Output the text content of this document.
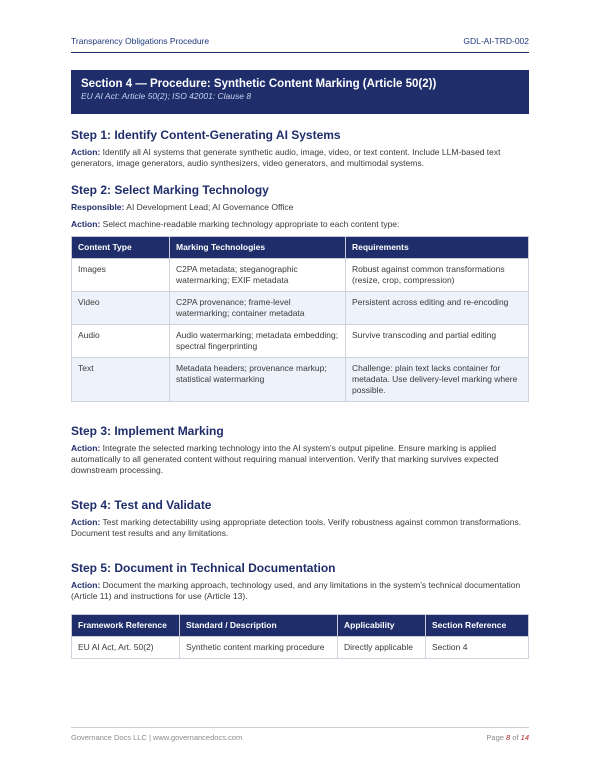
Transparency Obligations Procedure	GDL-AI-TRD-002
Section 4 — Procedure: Synthetic Content Marking (Article 50(2))
EU AI Act: Article 50(2); ISO 42001: Clause 8
Step 1: Identify Content-Generating AI Systems

Action: Identify all AI systems that generate synthetic audio, image, video, or text content. Include LLM-based text generators, image generators, audio synthesizers, video generators, and multimodal systems.

Step 2: Select Marking Technology

Responsible: AI Development Lead; AI Governance Office

Action: Select machine-readable marking technology appropriate to each content type:

Content Type	Marking Technologies	Requirements
Images	C2PA metadata; steganographic watermarking; EXIF metadata	Robust against common transformations (resize, crop, compression)
Video	C2PA provenance; frame-level watermarking; container metadata	Persistent across editing and re-encoding
Audio	Audio watermarking; metadata embedding; spectral fingerprinting	Survive transcoding and partial editing
Text	Metadata headers; provenance markup; statistical watermarking	Challenge: plain text lacks container for metadata. Use delivery-level marking where possible.
Step 3: Implement Marking

Action: Integrate the selected marking technology into the AI system’s output pipeline. Ensure marking is applied automatically to all generated content without requiring manual intervention. Verify that marking survives expected downstream processing.

Step 4: Test and Validate

Action: Test marking detectability using appropriate detection tools. Verify robustness against common transformations. Document test results and any limitations.

Step 5: Document in Technical Documentation

Action: Document the marking approach, technology used, and any limitations in the system’s technical documentation (Article 11) and instructions for use (Article 13).

Framework Reference	Standard / Description	Applicability	Section Reference
EU AI Act, Art. 50(2)	Synthetic content marking procedure	Directly applicable	Section 4
Governance Docs LLC | www.governancedocs.com	Page 8 of 14
